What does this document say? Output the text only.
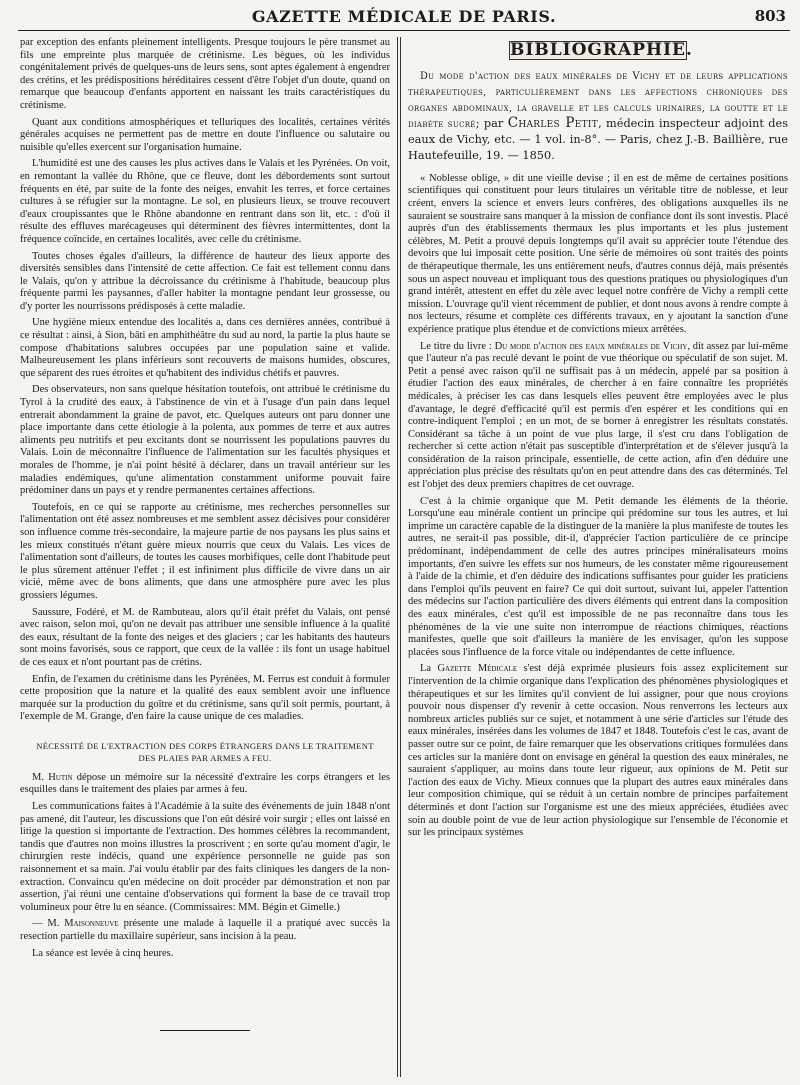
GAZETTE MÉDICALE DE PARIS.	803

par exception des enfants pleinement intelligents. Presque toujours le père transmet au fils une empreinte plus marquée de crétinisme. Les bègues, où les individus congénitalement privés de quelques-uns de leurs sens, sont aptes également à engendrer des crétins, et les prédispositions héréditaires cessent d'être l'objet d'un doute, quand on remarque que beaucoup d'enfants apportent en naissant les traits caractéristiques du crétinisme.

Quant aux conditions atmosphériques et telluriques des localités, certaines vérités générales acquises ne permettent pas de mettre en doute l'influence ou salutaire ou nuisible qu'elles exercent sur l'organisation humaine.

L'humidité est une des causes les plus actives dans le Valais et les Pyrénées. On voit, en remontant la vallée du Rhône, que ce fleuve, dont les débordements sont surtout fréquents en été, par suite de la fonte des neiges, envahit les terres, et force certaines cultures à se réfugier sur la montagne. Le sol, en plusieurs lieux, se trouve recouvert d'eaux croupissantes que le Rhône abandonne en rentrant dans son lit, etc. : d'où il résulte des effluves marécageuses qui déterminent des fièvres intermittentes, dont la fréquence coïncide, en certaines localités, avec celle du crétinisme.

Toutes choses égales d'ailleurs, la différence de hauteur des lieux apporte des diversités sensibles dans l'intensité de cette affection. Ce fait est tellement connu dans le Valais, qu'on y attribue la décroissance du crétinisme à l'habitude, beaucoup plus fréquente parmi les paysannes, d'aller habiter la montagne pendant leur grossesse, ou d'y porter les nourrissons prédisposés à cette maladie.

Une hygiène mieux entendue des localités a, dans ces dernières années, contribué à ce résultat : ainsi, à Sion, bâti en amphithéâtre du sud au nord, la partie la plus haute se compose d'habitations salubres occupées par une population saine et valide. Malheureusement les plans inférieurs sont recouverts de maisons humides, obscures, que séparent des rues étroites et qu'habitent des individus chétifs et pauvres.

Des observateurs, non sans quelque hésitation toutefois, ont attribué le crétinisme du Tyrol à la crudité des eaux, à l'abstinence de vin et à l'usage d'un pain dans lequel entrerait abondamment la graine de pavot, etc. Quelques auteurs ont paru donner une place importante dans cette étiologie à la polenta, aux pommes de terre et aux autres aliments peu nutritifs et peu excitants dont se nourrissent les populations pauvres du Valais. Loin de méconnaître l'influence de l'alimentation sur les facultés physiques et morales de l'homme, je n'ai point hésité à déclarer, dans un travail antérieur sur les maladies endémiques, qu'une alimentation constamment uniforme pouvait faire prédominer dans un pays et y rendre permanentes certaines affections.

Toutefois, en ce qui se rapporte au crétinisme, mes recherches personnelles sur l'alimentation ont été assez nombreuses et me semblent assez décisives pour considérer son influence comme très-secondaire, la majeure partie de nos paysans les plus sains et les mieux constitués n'étant guère mieux nourris que ceux du Valais. Les vices de l'alimentation sont d'ailleurs, de toutes les causes morbifiques, celle dont l'habitude peut le plus sûrement atténuer l'effet ; il est infiniment plus difficile de vivre dans un air vicié, même avec de bons aliments, que dans une atmosphère pure avec les plus grossiers légumes.

Saussure, Fodéré, et M. de Rambuteau, alors qu'il était préfet du Valais, ont pensé avec raison, selon moi, qu'on ne devait pas attribuer une sensible influence à la qualité des eaux, résultant de la fonte des neiges et des glaciers ; car les habitants des hauteurs sont moins favorisés, sous ce rapport, que ceux de la vallée : ils font un usage habituel de ces eaux et n'ont pourtant pas de crétins.

Enfin, de l'examen du crétinisme dans les Pyrénées, M. Ferrus est conduit à formuler cette proposition que la nature et la qualité des eaux semblent avoir une influence marquée sur la production du goître et du crétinisme, sans qu'il soit permis, pourtant, à l'exemple de M. Grange, d'en faire la cause unique de ces maladies.

NÉCESSITÉ DE L'EXTRACTION DES CORPS ÉTRANGERS DANS LE TRAITEMENT
DES PLAIES PAR ARMES A FEU.

M. Hutin dépose un mémoire sur la nécessité d'extraire les corps étrangers et les esquilles dans le traitement des plaies par armes à feu.

Les communications faites à l'Académie à la suite des événements de juin 1848 n'ont pas amené, dit l'auteur, les discussions que l'on eût désiré voir surgir ; elles ont laissé en litige la question si importante de l'extraction. Des hommes célèbres la recommandent, tandis que d'autres non moins illustres la proscrivent ; en sorte qu'au moment d'agir, le chirurgien reste indécis, quand une expérience personnelle ne guide pas son raisonnement et sa main. J'ai voulu établir par des faits cliniques les dangers de la non-extraction. Convaincu qu'en médecine on doit procéder par démonstration et non par assertion, j'ai réuni une centaine d'observations qui forment la base de ce travail trop volumineux pour être lu en séance. (Commissaires: MM. Bégin et Gimelle.)

— M. Maisonneuve présente une malade à laquelle il a pratiqué avec succès la resection partielle du maxillaire supérieur, sans incision à la peau.

La séance est levée à cinq heures.

BIBLIOGRAPHIE.
Du mode d'action des eaux minérales de Vichy et de leurs applications thérapeutiques, particulièrement dans les affections chroniques des organes abdominaux, la gravelle et les calculs urinaires, la goutte et le diabète sucré; par Charles Petit, médecin inspecteur adjoint des eaux de Vichy, etc. — 1 vol. in-8°. — Paris, chez J.-B. Baillière, rue Hautefeuille, 19. — 1850.

« Noblesse oblige, » dit une vieille devise ; il en est de même de certaines positions scientifiques qui constituent pour leurs titulaires un véritable titre de noblesse, et leur créent, envers la science et envers leurs confrères, des obligations auxquelles ils ne sauraient se soustraire sans manquer à la mission de confiance dont ils sont investis. Placé auprès d'un des établissements thermaux les plus importants et les plus justement célèbres, M. Petit a prouvé depuis longtemps qu'il avait su apprécier toute l'étendue des devoirs que lui imposait cette position. Une série de mémoires où sont traités des points de thérapeutique thermale, les uns entièrement neufs, d'autres connus déjà, mais présentés sous un aspect nouveau et impliquant tous des questions pratiques ou physiologiques d'un grand intérêt, attestent en effet du zèle avec lequel notre confrère de Vichy a rempli cette mission. L'ouvrage qu'il vient récemment de publier, et dont nous avons à rendre compte à nos lecteurs, résume et complète ces différents travaux, en y ajoutant la sanction d'une expérience pratique plus étendue et de convictions mieux arrêtées.

Le titre du livre : Du mode d'action des eaux minérales de Vichy, dit assez par lui-même que l'auteur n'a pas reculé devant le point de vue théorique ou spéculatif de son sujet. M. Petit a pensé avec raison qu'il ne suffisait pas à un médecin, appelé par sa position à étudier l'action des eaux minérales, de chercher à en faire connaître les propriétés médicales, à préciser les cas dans lesquels elles peuvent être employées avec le plus d'avantage, le degré d'efficacité qu'il est permis d'en espérer et les conditions qui en contre-indiquent l'emploi ; en un mot, de se borner à enregistrer les résultats constatés. Considérant sa tâche à un point de vue plus large, il s'est cru dans l'obligation de rechercher si cette action n'était pas susceptible d'interprétation et de s'élever jusqu'à la considération de la raison principale, essentielle, de cette action, afin d'en déduire une appréciation plus précise des résultats qu'on en peut attendre dans des cas déterminés. Tel est l'objet des deux premiers chapitres de cet ouvrage.

C'est à la chimie organique que M. Petit demande les éléments de la théorie. Lorsqu'une eau minérale contient un principe qui prédomine sur tous les autres, et lui imprime un caractère capable de la distinguer de la manière la plus manifeste de toutes les autres, ne serait-il pas possible, dit-il, d'apprécier l'action particulière de ce principe prédominant, indépendamment de celle des autres principes minéralisateurs moins importants, d'en suivre les effets sur nos humeurs, de les constater même rigoureusement à l'aide de la chimie, et d'en déduire des indications suffisantes pour guider les praticiens dans l'emploi qu'ils peuvent en faire? Ce qui doit surtout, suivant lui, appeler l'attention des médecins sur l'action particulière des divers éléments qui entrent dans la composition des eaux minérales, c'est qu'il est impossible de ne pas reconnaître dans tous les phénomènes de la vie une suite non interrompue de réactions chimiques, réactions manifestes, quelle que soit d'ailleurs la manière de les envisager, qu'on les suppose placées sous l'influence de la force vitale ou indépendantes de cette influence.

La Gazette Médicale s'est déjà exprimée plusieurs fois assez explicitement sur l'intervention de la chimie organique dans l'explication des phénomènes physiologiques et thérapeutiques et sur les limites qu'il convient de lui assigner, pour que nous croyions pouvoir nous dispenser d'y revenir à cette occasion. Nous renverrons les lecteurs aux nombreux articles publiés sur ce sujet, et notamment à une série d'articles sur l'étude des eaux minérales, insérées dans les volumes de 1847 et 1848. Toutefois c'est le cas, avant de passer outre sur ce point, de faire remarquer que les observations critiques formulées dans ces articles sur la manière dont on envisage en général la question des eaux minérales, ne sauraient s'appliquer, au moins dans toute leur rigueur, aux opinions de M. Petit sur l'action des eaux de Vichy. Mieux connues que la plupart des autres eaux minérales dans leur composition chimique, qui se réduit à un certain nombre de principes parfaitement déterminés et dont l'action sur l'organisme est une des mieux appréciées, étudiées avec soin au double point de vue de leur action physiologique sur l'ensemble de l'économie et sur les principaux systèmes
